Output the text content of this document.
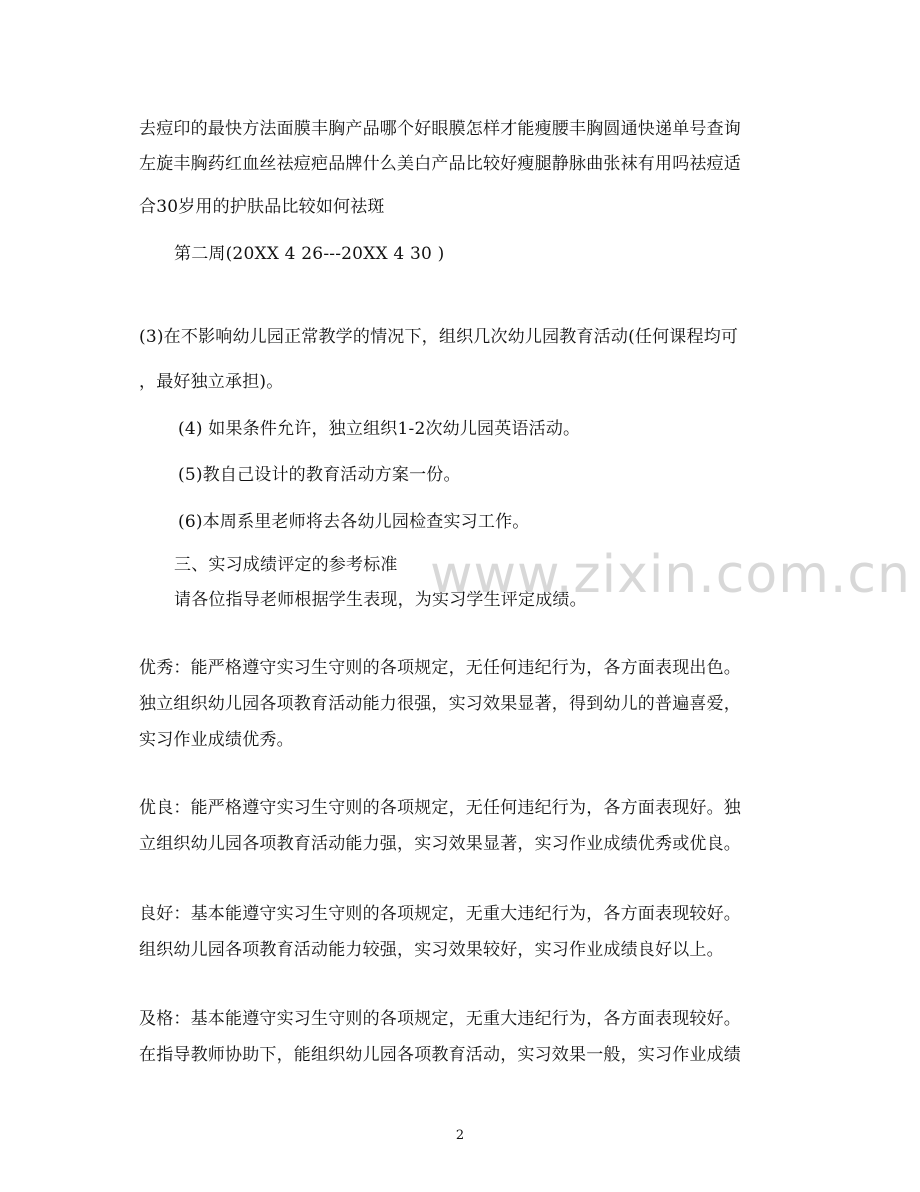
去痘印的最快方法面膜丰胸产品哪个好眼膜怎样才能瘦腰丰胸圆通快递单号查询
左旋丰胸药红血丝祛痘疤品牌什么美白产品比较好瘦腿静脉曲张袜有用吗祛痘适
合30岁用的护肤品比较如何祛斑
第二周(20XX 4 26---20XX 4 30 )
(3)在不影响幼儿园正常教学的情况下，组织几次幼儿园教育活动(任何课程均可
，最好独立承担)。
(4) 如果条件允许，独立组织1-2次幼儿园英语活动。
(5)教自己设计的教育活动方案一份。
(6)本周系里老师将去各幼儿园检查实习工作。
三、实习成绩评定的参考标准
请各位指导老师根据学生表现，为实习学生评定成绩。
优秀：能严格遵守实习生守则的各项规定，无任何违纪行为，各方面表现出色。
独立组织幼儿园各项教育活动能力很强，实习效果显著，得到幼儿的普遍喜爱，
实习作业成绩优秀。
优良：能严格遵守实习生守则的各项规定，无任何违纪行为，各方面表现好。独
立组织幼儿园各项教育活动能力强，实习效果显著，实习作业成绩优秀或优良。
良好：基本能遵守实习生守则的各项规定，无重大违纪行为，各方面表现较好。
组织幼儿园各项教育活动能力较强，实习效果较好，实习作业成绩良好以上。
及格：基本能遵守实习生守则的各项规定，无重大违纪行为，各方面表现较好。
在指导教师协助下，能组织幼儿园各项教育活动，实习效果一般，实习作业成绩
www.zixin.com.cn
2
